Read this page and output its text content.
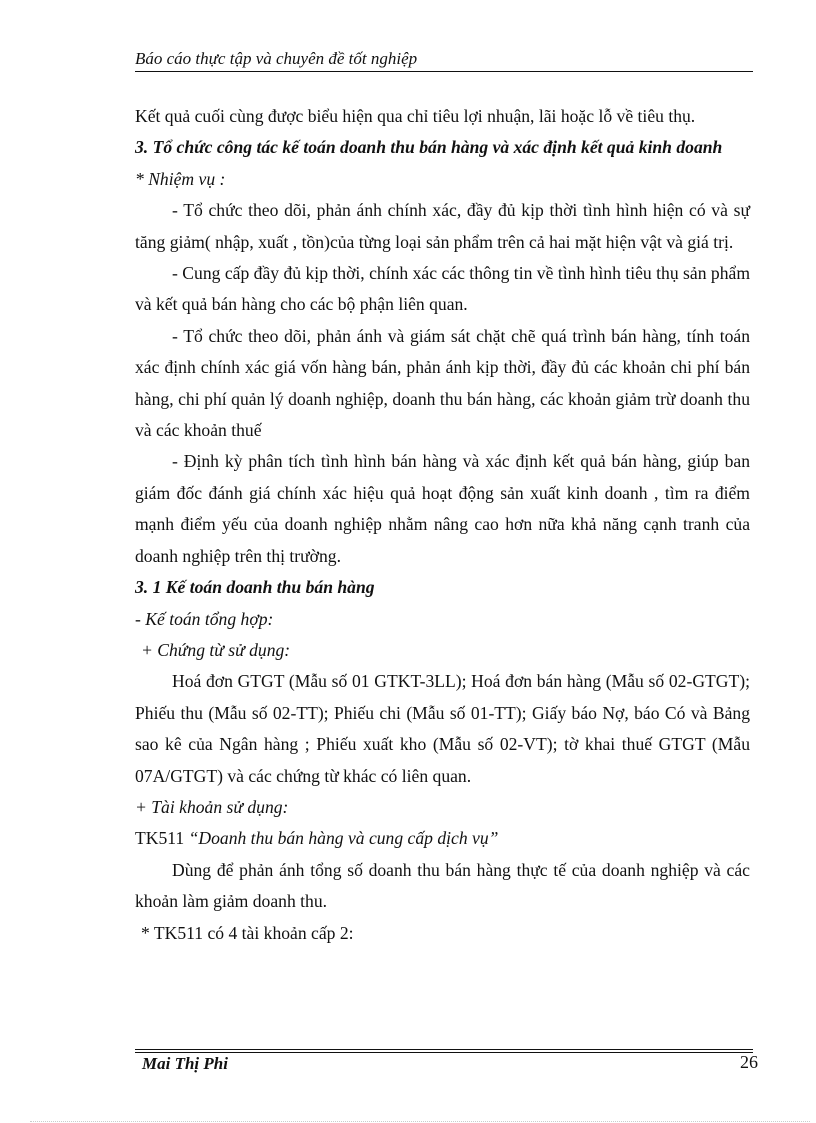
Báo cáo thực tập và chuyên đề tốt nghiệp

Kết quả cuối cùng được biểu hiện qua chỉ tiêu lợi nhuận, lãi hoặc lỗ về tiêu thụ.

3. Tổ chức công tác kế toán doanh thu bán hàng và xác định kết quả kinh doanh

* Nhiệm vụ :

- Tổ chức theo dõi, phản ánh chính xác, đầy đủ kịp thời tình hình hiện có và sự tăng giảm( nhập, xuất , tồn)của từng loại sản phẩm trên cả hai mặt hiện vật và giá trị.

- Cung cấp đầy đủ kịp thời, chính xác các thông tin về tình hình tiêu thụ sản phẩm và kết quả bán hàng cho các bộ phận liên quan.

- Tổ chức theo dõi, phản ánh và giám sát chặt chẽ quá trình bán hàng, tính toán xác định chính xác giá vốn hàng bán, phản ánh kịp thời, đầy đủ các khoản chi phí bán hàng, chi phí quản lý doanh nghiệp, doanh thu bán hàng, các khoản giảm trừ doanh thu và các khoản thuế

- Định kỳ phân tích tình hình bán hàng và xác định kết quả bán hàng, giúp ban giám đốc đánh giá chính xác hiệu quả hoạt động sản xuất kinh doanh , tìm ra điểm mạnh điểm yếu của doanh nghiệp nhằm nâng cao hơn nữa khả năng cạnh tranh của doanh nghiệp trên thị trường.

3. 1 Kế toán doanh thu bán hàng

- Kế toán tổng hợp:

+ Chứng từ sử dụng:

Hoá đơn GTGT (Mẫu số 01 GTKT-3LL); Hoá đơn bán hàng (Mẫu số 02-GTGT); Phiếu thu (Mẫu số 02-TT); Phiếu chi (Mẫu số 01-TT); Giấy báo Nợ, báo Có và Bảng sao kê của Ngân hàng ; Phiếu xuất kho (Mẫu số 02-VT); tờ khai thuế GTGT (Mẫu 07A/GTGT) và các chứng từ khác có liên quan.

+ Tài khoản sử dụng:

TK511 “Doanh thu bán hàng và cung cấp dịch vụ”

Dùng để phản ánh tổng số doanh thu bán hàng thực tế của doanh nghiệp và các khoản làm giảm doanh thu.

* TK511 có 4 tài khoản cấp 2:

Mai Thị Phi	26
